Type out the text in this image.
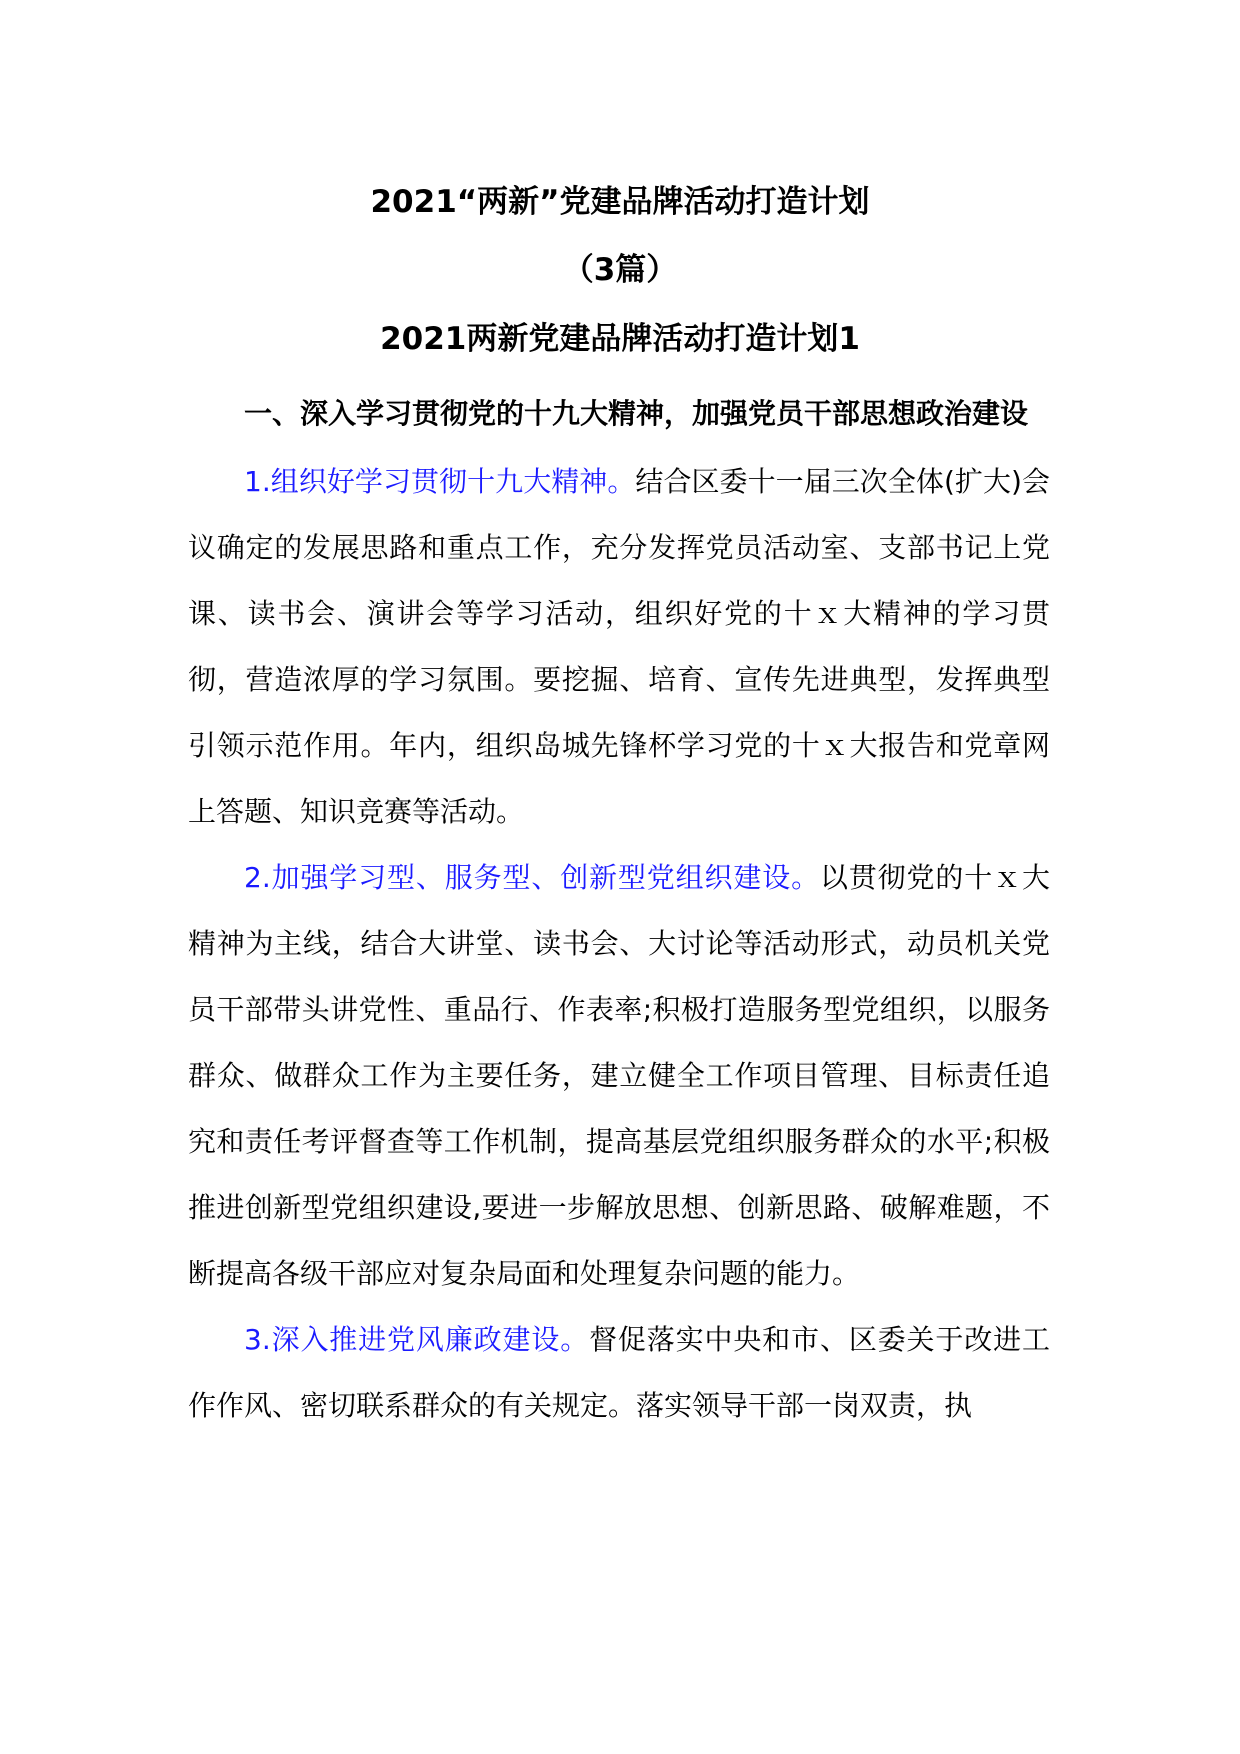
2021“两新”党建品牌活动打造计划
（3篇）
2021两新党建品牌活动打造计划1

一、深入学习贯彻党的十九大精神，加强党员干部思想政治建设

1.组织好学习贯彻十九大精神。结合区委十一届三次全体(扩大)会议确定的发展思路和重点工作，充分发挥党员活动室、支部书记上党课、读书会、演讲会等学习活动，组织好党的十ｘ大精神的学习贯彻，营造浓厚的学习氛围。要挖掘、培育、宣传先进典型，发挥典型引领示范作用。年内，组织岛城先锋杯学习党的十ｘ大报告和党章网上答题、知识竞赛等活动。

2.加强学习型、服务型、创新型党组织建设。以贯彻党的十ｘ大精神为主线，结合大讲堂、读书会、大讨论等活动形式，动员机关党员干部带头讲党性、重品行、作表率;积极打造服务型党组织，以服务群众、做群众工作为主要任务，建立健全工作项目管理、目标责任追究和责任考评督查等工作机制，提高基层党组织服务群众的水平;积极推进创新型党组织建设,要进一步解放思想、创新思路、破解难题，不断提高各级干部应对复杂局面和处理复杂问题的能力。

3.深入推进党风廉政建设。督促落实中央和市、区委关于改进工作作风、密切联系群众的有关规定。落实领导干部一岗双责，执
